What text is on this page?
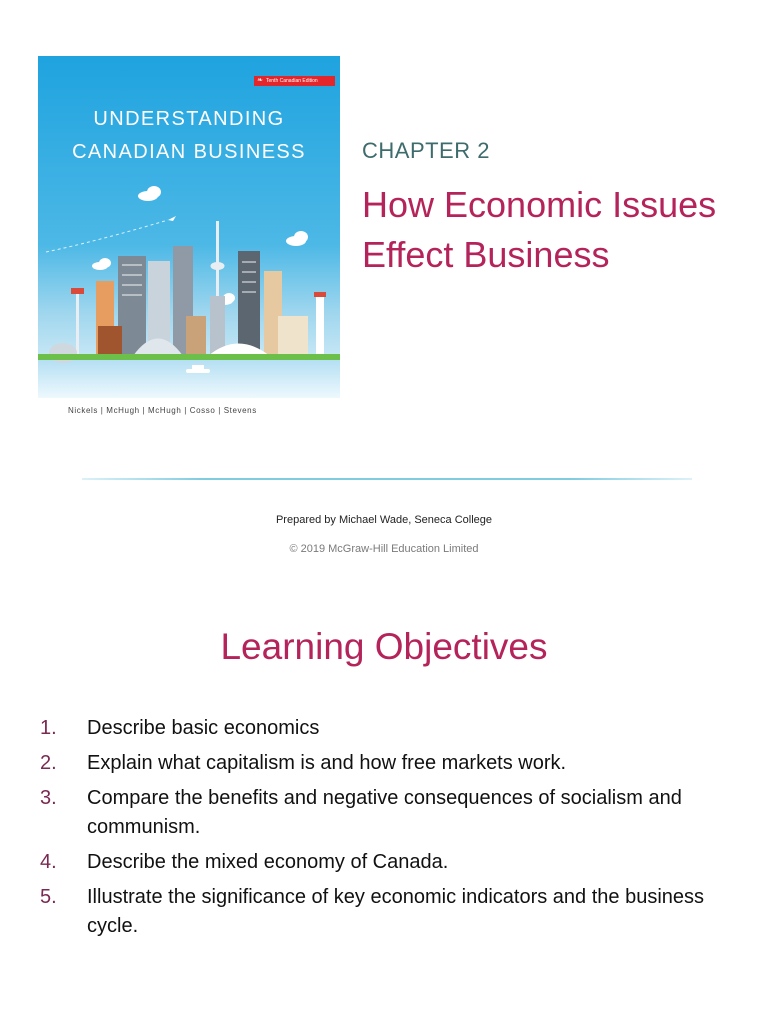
❧ Tenth Canadian Edition
UNDERSTANDING
CANADIAN BUSINESS
Nickels | McHugh | McHugh | Cosso | Stevens
CHAPTER 2
How Economic Issues Effect Business
Prepared by Michael Wade, Seneca College
© 2019 McGraw-Hill Education Limited
Learning Objectives
1. Describe basic economics
2. Explain what capitalism is and how free markets work.
3. Compare the benefits and negative consequences of socialism and communism.
4. Describe the mixed economy of Canada.
5. Illustrate the significance of key economic indicators and the business cycle.
